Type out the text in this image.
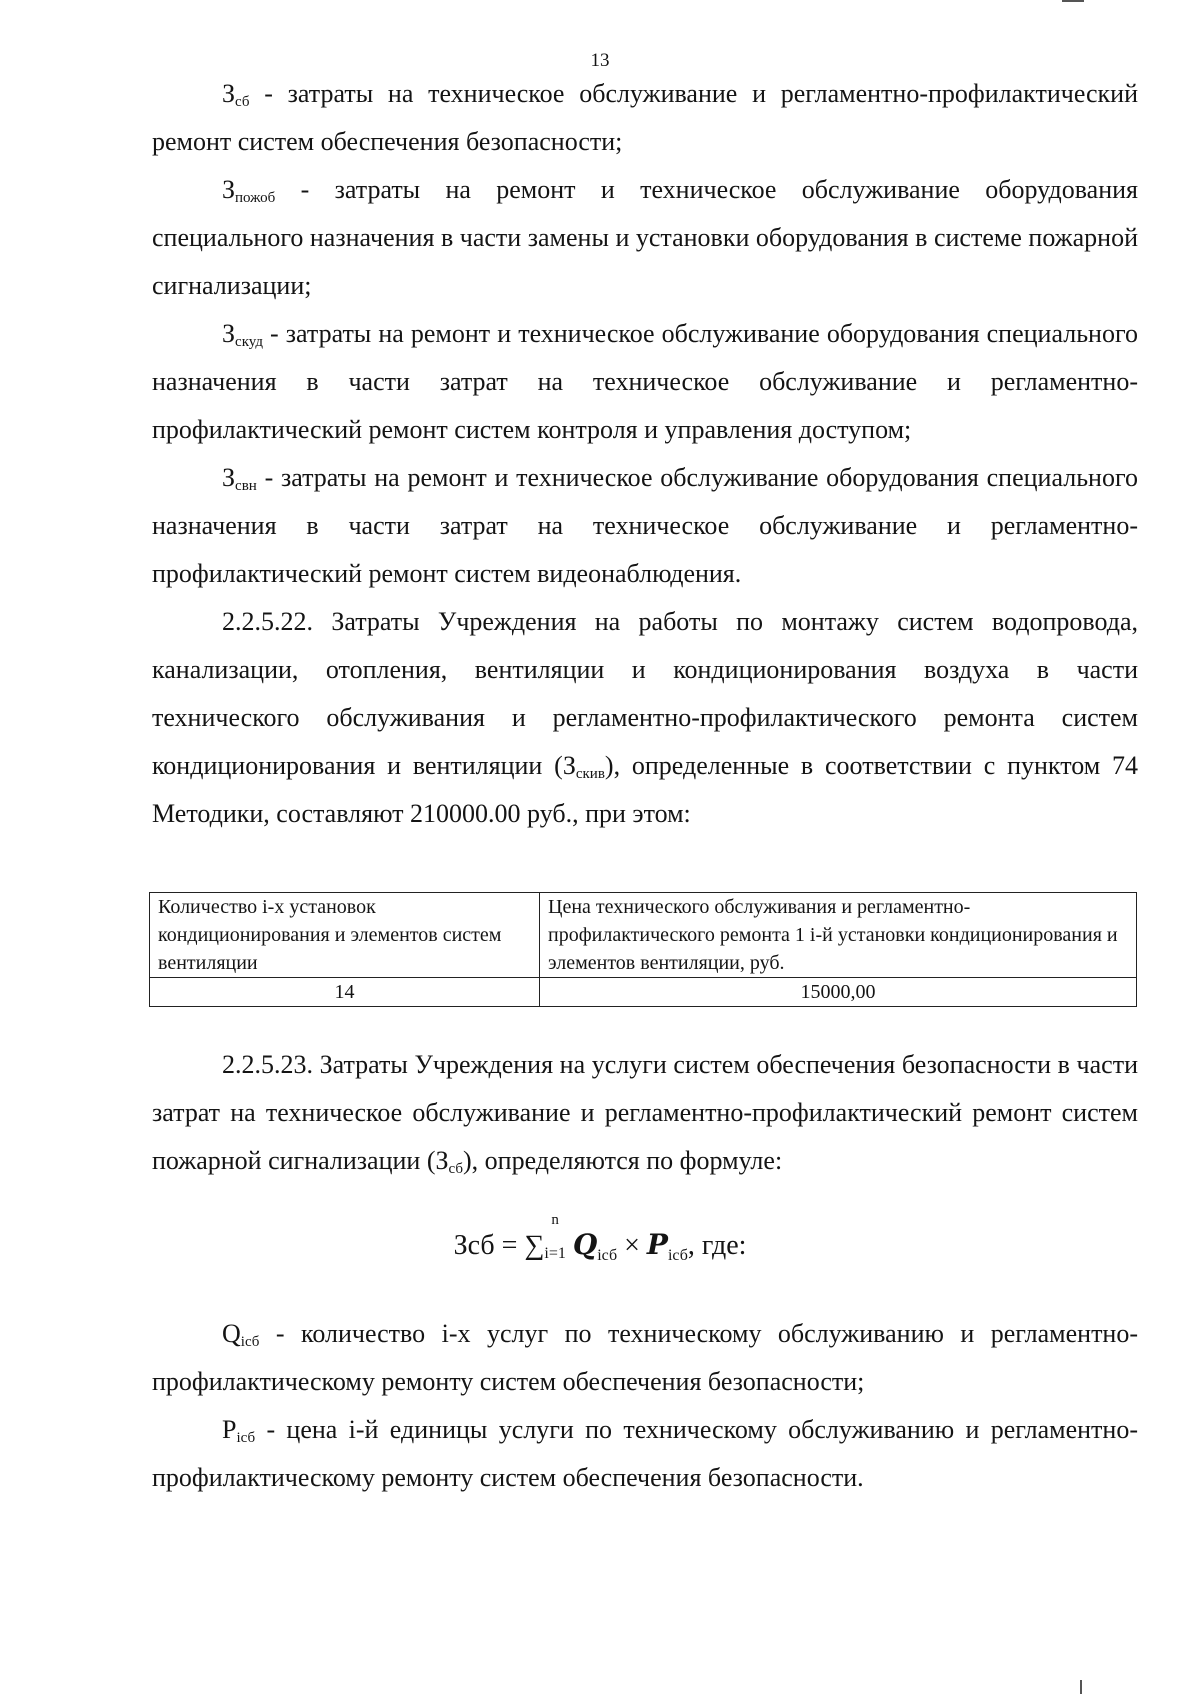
13

$З_{сб}$ - затраты на техническое обслуживание и регламентно-профилактический ремонт систем обеспечения безопасности;

$З_{пожоб}$ - затраты на ремонт и техническое обслуживание оборудования специального назначения в части замены и установки оборудования в системе пожарной сигнализации;

$З_{скуд}$ - затраты на ремонт и техническое обслуживание оборудования специального назначения в части затрат на техническое обслуживание и регламентно-профилактический ремонт систем контроля и управления доступом;

$З_{свн}$ - затраты на ремонт и техническое обслуживание оборудования специального назначения в части затрат на техническое обслуживание и регламентно-профилактический ремонт систем видеонаблюдения.

2.2.5.22. Затраты Учреждения на работы по монтажу систем водопровода, канализации, отопления, вентиляции и кондиционирования воздуха в части технического обслуживания и регламентно-профилактического ремонта систем кондиционирования и вентиляции $(З_{скив})$, определенные в соответствии с пунктом 74 Методики, составляют 210000.00 руб., при этом:

Количество i-х установок кондиционирования и элементов систем вентиляции	Цена технического обслуживания и регламентно-профилактического ремонта 1 i-й установки кондиционирования и элементов вентиляции, руб.
14	15000,00

2.2.5.23. Затраты Учреждения на услуги систем обеспечения безопасности в части затрат на техническое обслуживание и регламентно-профилактический ремонт систем пожарной сигнализации $(З_{сб})$, определяются по формуле:

Зсб = ∑$^n$
$_{i=1}$ $Q_{iсб} \times P_{iсб}$, где:

$Q_{iсб}$ - количество i-х услуг по техническому обслуживанию и регламентно-профилактическому ремонту систем обеспечения безопасности;

$P_{iсб}$ - цена i-й единицы услуги по техническому обслуживанию и регламентно-профилактическому ремонту систем обеспечения безопасности.
